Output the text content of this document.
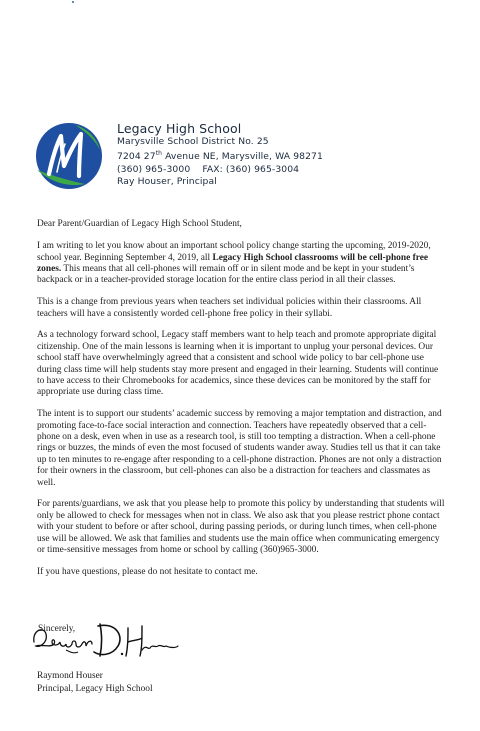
Legacy High School
Marysville School District No. 25
7204 27th Avenue NE, Marysville, WA 98271
(360) 965-3000    FAX: (360) 965-3004
Ray Houser, Principal

Dear Parent/Guardian of Legacy High School Student,

I am writing to let you know about an important school policy change starting the upcoming, 2019-2020, school year. Beginning September 4, 2019, all Legacy High School classrooms will be cell-phone free zones. This means that all cell-phones will remain off or in silent mode and be kept in your student’s backpack or in a teacher-provided storage location for the entire class period in all their classes.

This is a change from previous years when teachers set individual policies within their classrooms. All teachers will have a consistently worded cell-phone free policy in their syllabi.

As a technology forward school, Legacy staff members want to help teach and promote appropriate digital citizenship. One of the main lessons is learning when it is important to unplug your personal devices. Our school staff have overwhelmingly agreed that a consistent and school wide policy to bar cell-phone use during class time will help students stay more present and engaged in their learning. Students will continue to have access to their Chromebooks for academics, since these devices can be monitored by the staff for appropriate use during class time.

The intent is to support our students’ academic success by removing a major temptation and distraction, and promoting face-to-face social interaction and connection. Teachers have repeatedly observed that a cell-phone on a desk, even when in use as a research tool, is still too tempting a distraction. When a cell-phone rings or buzzes, the minds of even the most focused of students wander away. Studies tell us that it can take up to ten minutes to re-engage after responding to a cell-phone distraction. Phones are not only a distraction for their owners in the classroom, but cell-phones can also be a distraction for teachers and classmates as well.

For parents/guardians, we ask that you please help to promote this policy by understanding that students will only be allowed to check for messages when not in class. We also ask that you please restrict phone contact with your student to before or after school, during passing periods, or during lunch times, when cell-phone use will be allowed. We ask that families and students use the main office when communicating emergency or time-sensitive messages from home or school by calling (360)965-3000.

If you have questions, please do not hesitate to contact me.

Sincerely,
Raymond Houser
Principal, Legacy High School
